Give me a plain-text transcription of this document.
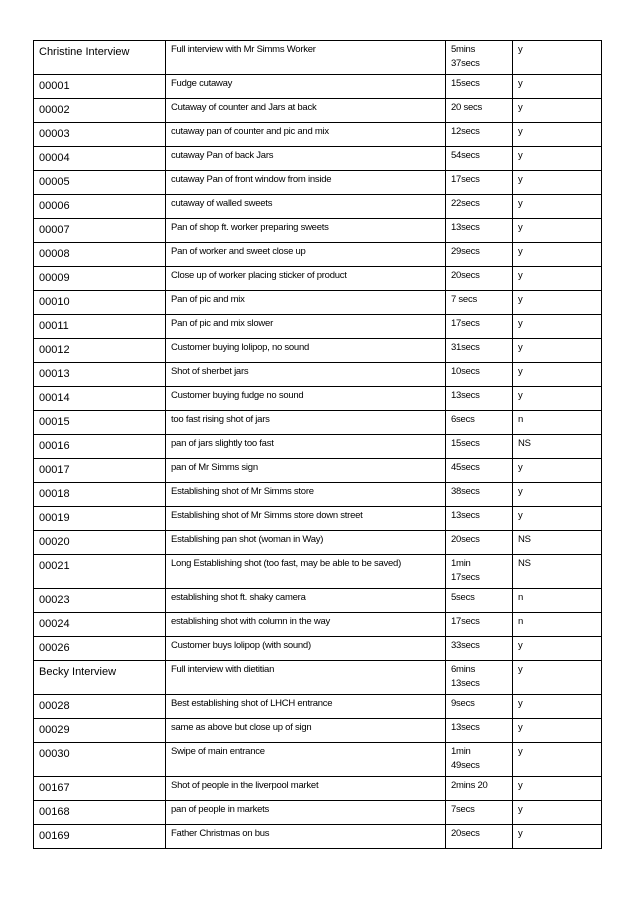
Christine Interview	Full interview with Mr Simms Worker	5mins
37secs	y
00001	Fudge cutaway	15secs	y
00002	Cutaway of counter and Jars at back	20 secs	y
00003	cutaway pan of counter and pic and mix	12secs	y
00004	cutaway Pan of back Jars	54secs	y
00005	cutaway Pan of front window from inside	17secs	y
00006	cutaway of walled sweets	22secs	y
00007	Pan of shop ft. worker preparing sweets	13secs	y
00008	Pan of worker and sweet close up	29secs	y
00009	Close up of worker placing sticker of product	20secs	y
00010	Pan of pic and mix	7 secs	y
00011	Pan of pic and mix slower	17secs	y
00012	Customer buying lolipop, no sound	31secs	y
00013	Shot of sherbet jars	10secs	y
00014	Customer buying fudge no sound	13secs	y
00015	too fast rising shot of jars	6secs	n
00016	pan of jars slightly too fast	15secs	NS
00017	pan of Mr Simms sign	45secs	y
00018	Establishing shot of Mr Simms store	38secs	y
00019	Establishing shot of Mr Simms store down street	13secs	y
00020	Establishing pan shot (woman in Way)	20secs	NS
00021	Long Establishing shot (too fast, may be able to be saved)	1min
17secs	NS
00023	establishing shot ft. shaky camera	5secs	n
00024	establishing shot with column in the way	17secs	n
00026	Customer buys lolipop (with sound)	33secs	y
Becky Interview	Full interview with dietitian	6mins
13secs	y
00028	Best establishing shot of LHCH entrance	9secs	y
00029	same as above but close up of sign	13secs	y
00030	Swipe of main entrance	1min
49secs	y
00167	Shot of people in the liverpool market	2mins 20	y
00168	pan of people in markets	7secs	y
00169	Father Christmas on bus	20secs	y
